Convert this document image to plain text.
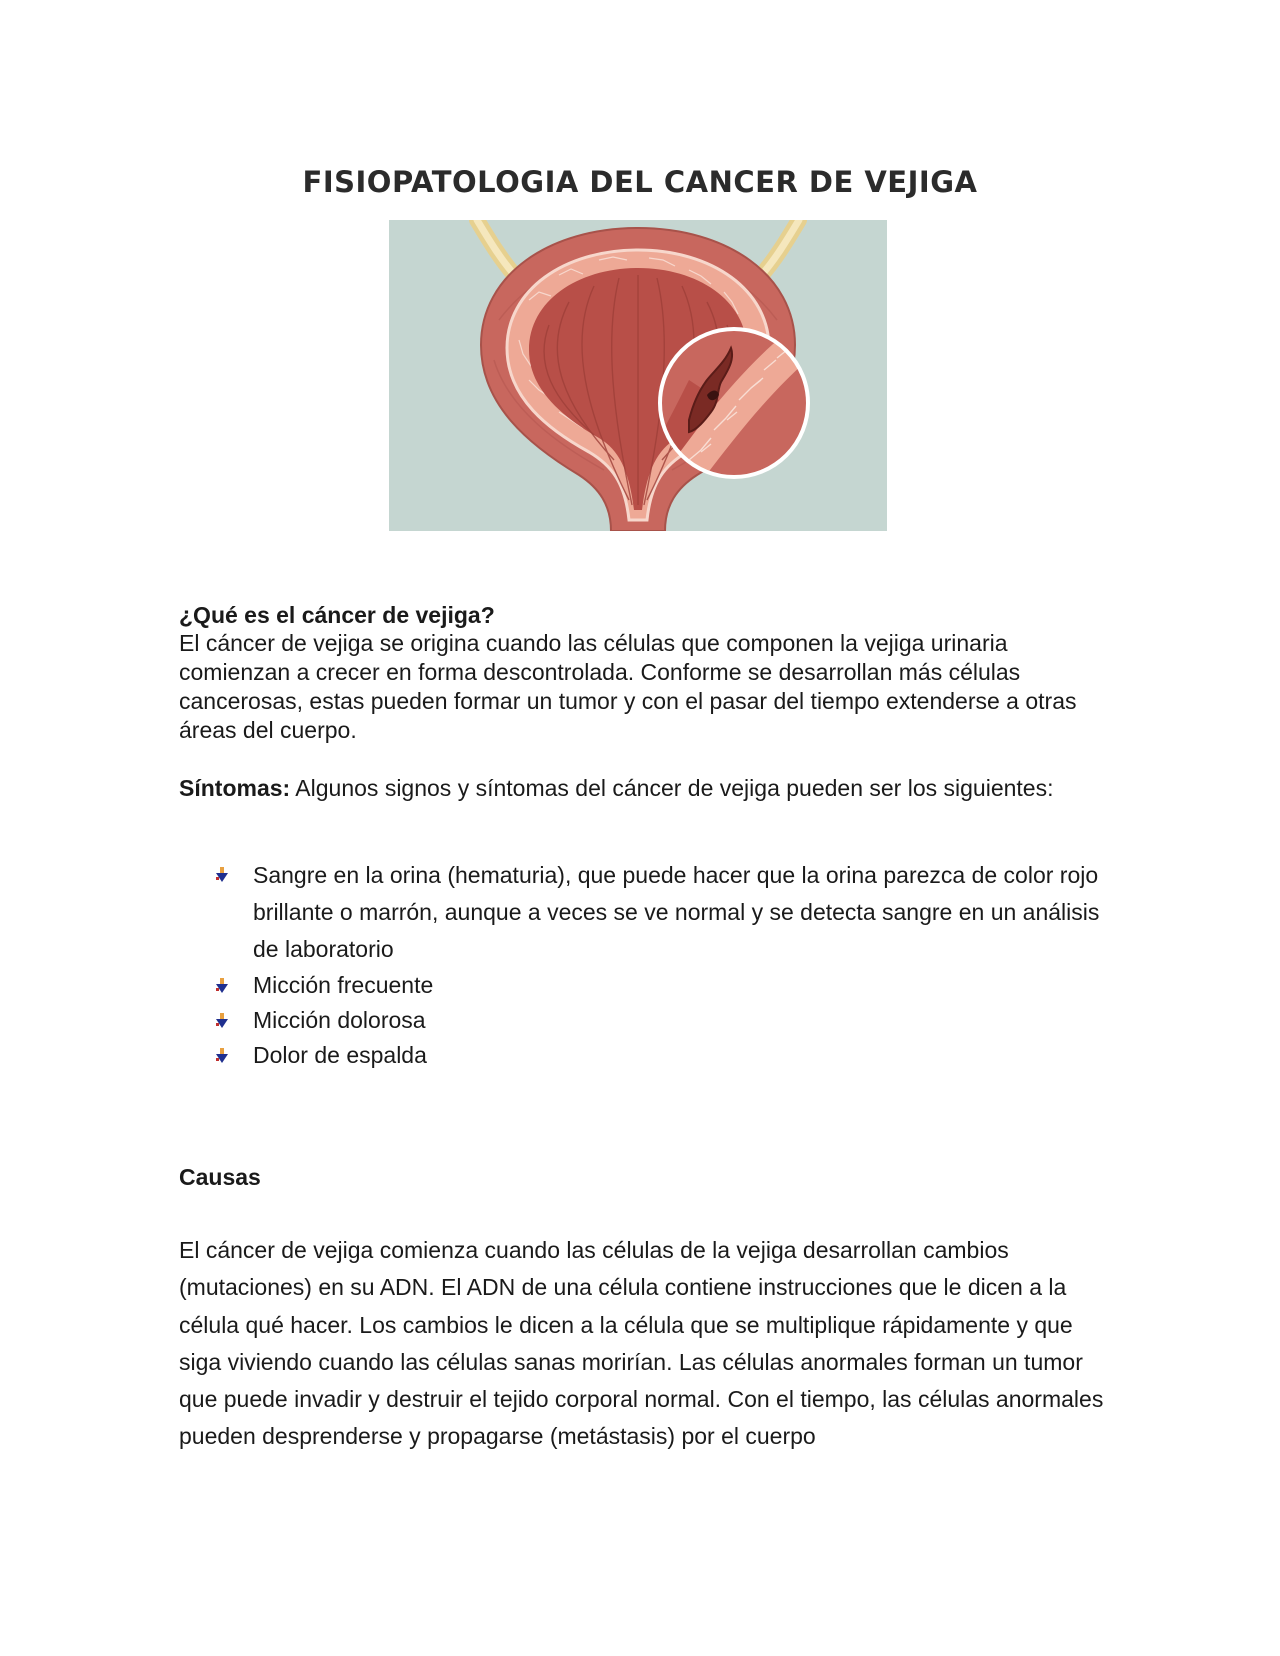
FISIOPATOLOGIA DEL CANCER DE VEJIGA

¿Qué es el cáncer de vejiga?

El cáncer de vejiga se origina cuando las células que componen la vejiga urinaria comienzan a crecer en forma descontrolada. Conforme se desarrollan más células cancerosas, estas pueden formar un tumor y con el pasar del tiempo extenderse a otras áreas del cuerpo.

Síntomas: Algunos signos y síntomas del cáncer de vejiga pueden ser los siguientes:

Sangre en la orina (hematuria), que puede hacer que la orina parezca de color rojo brillante o marrón, aunque a veces se ve normal y se detecta sangre en un análisis de laboratorio
Micción frecuente
Micción dolorosa
Dolor de espalda

Causas

El cáncer de vejiga comienza cuando las células de la vejiga desarrollan cambios (mutaciones) en su ADN. El ADN de una célula contiene instrucciones que le dicen a la célula qué hacer. Los cambios le dicen a la célula que se multiplique rápidamente y que siga viviendo cuando las células sanas morirían. Las células anormales forman un tumor que puede invadir y destruir el tejido corporal normal. Con el tiempo, las células anormales pueden desprenderse y propagarse (metástasis) por el cuerpo
